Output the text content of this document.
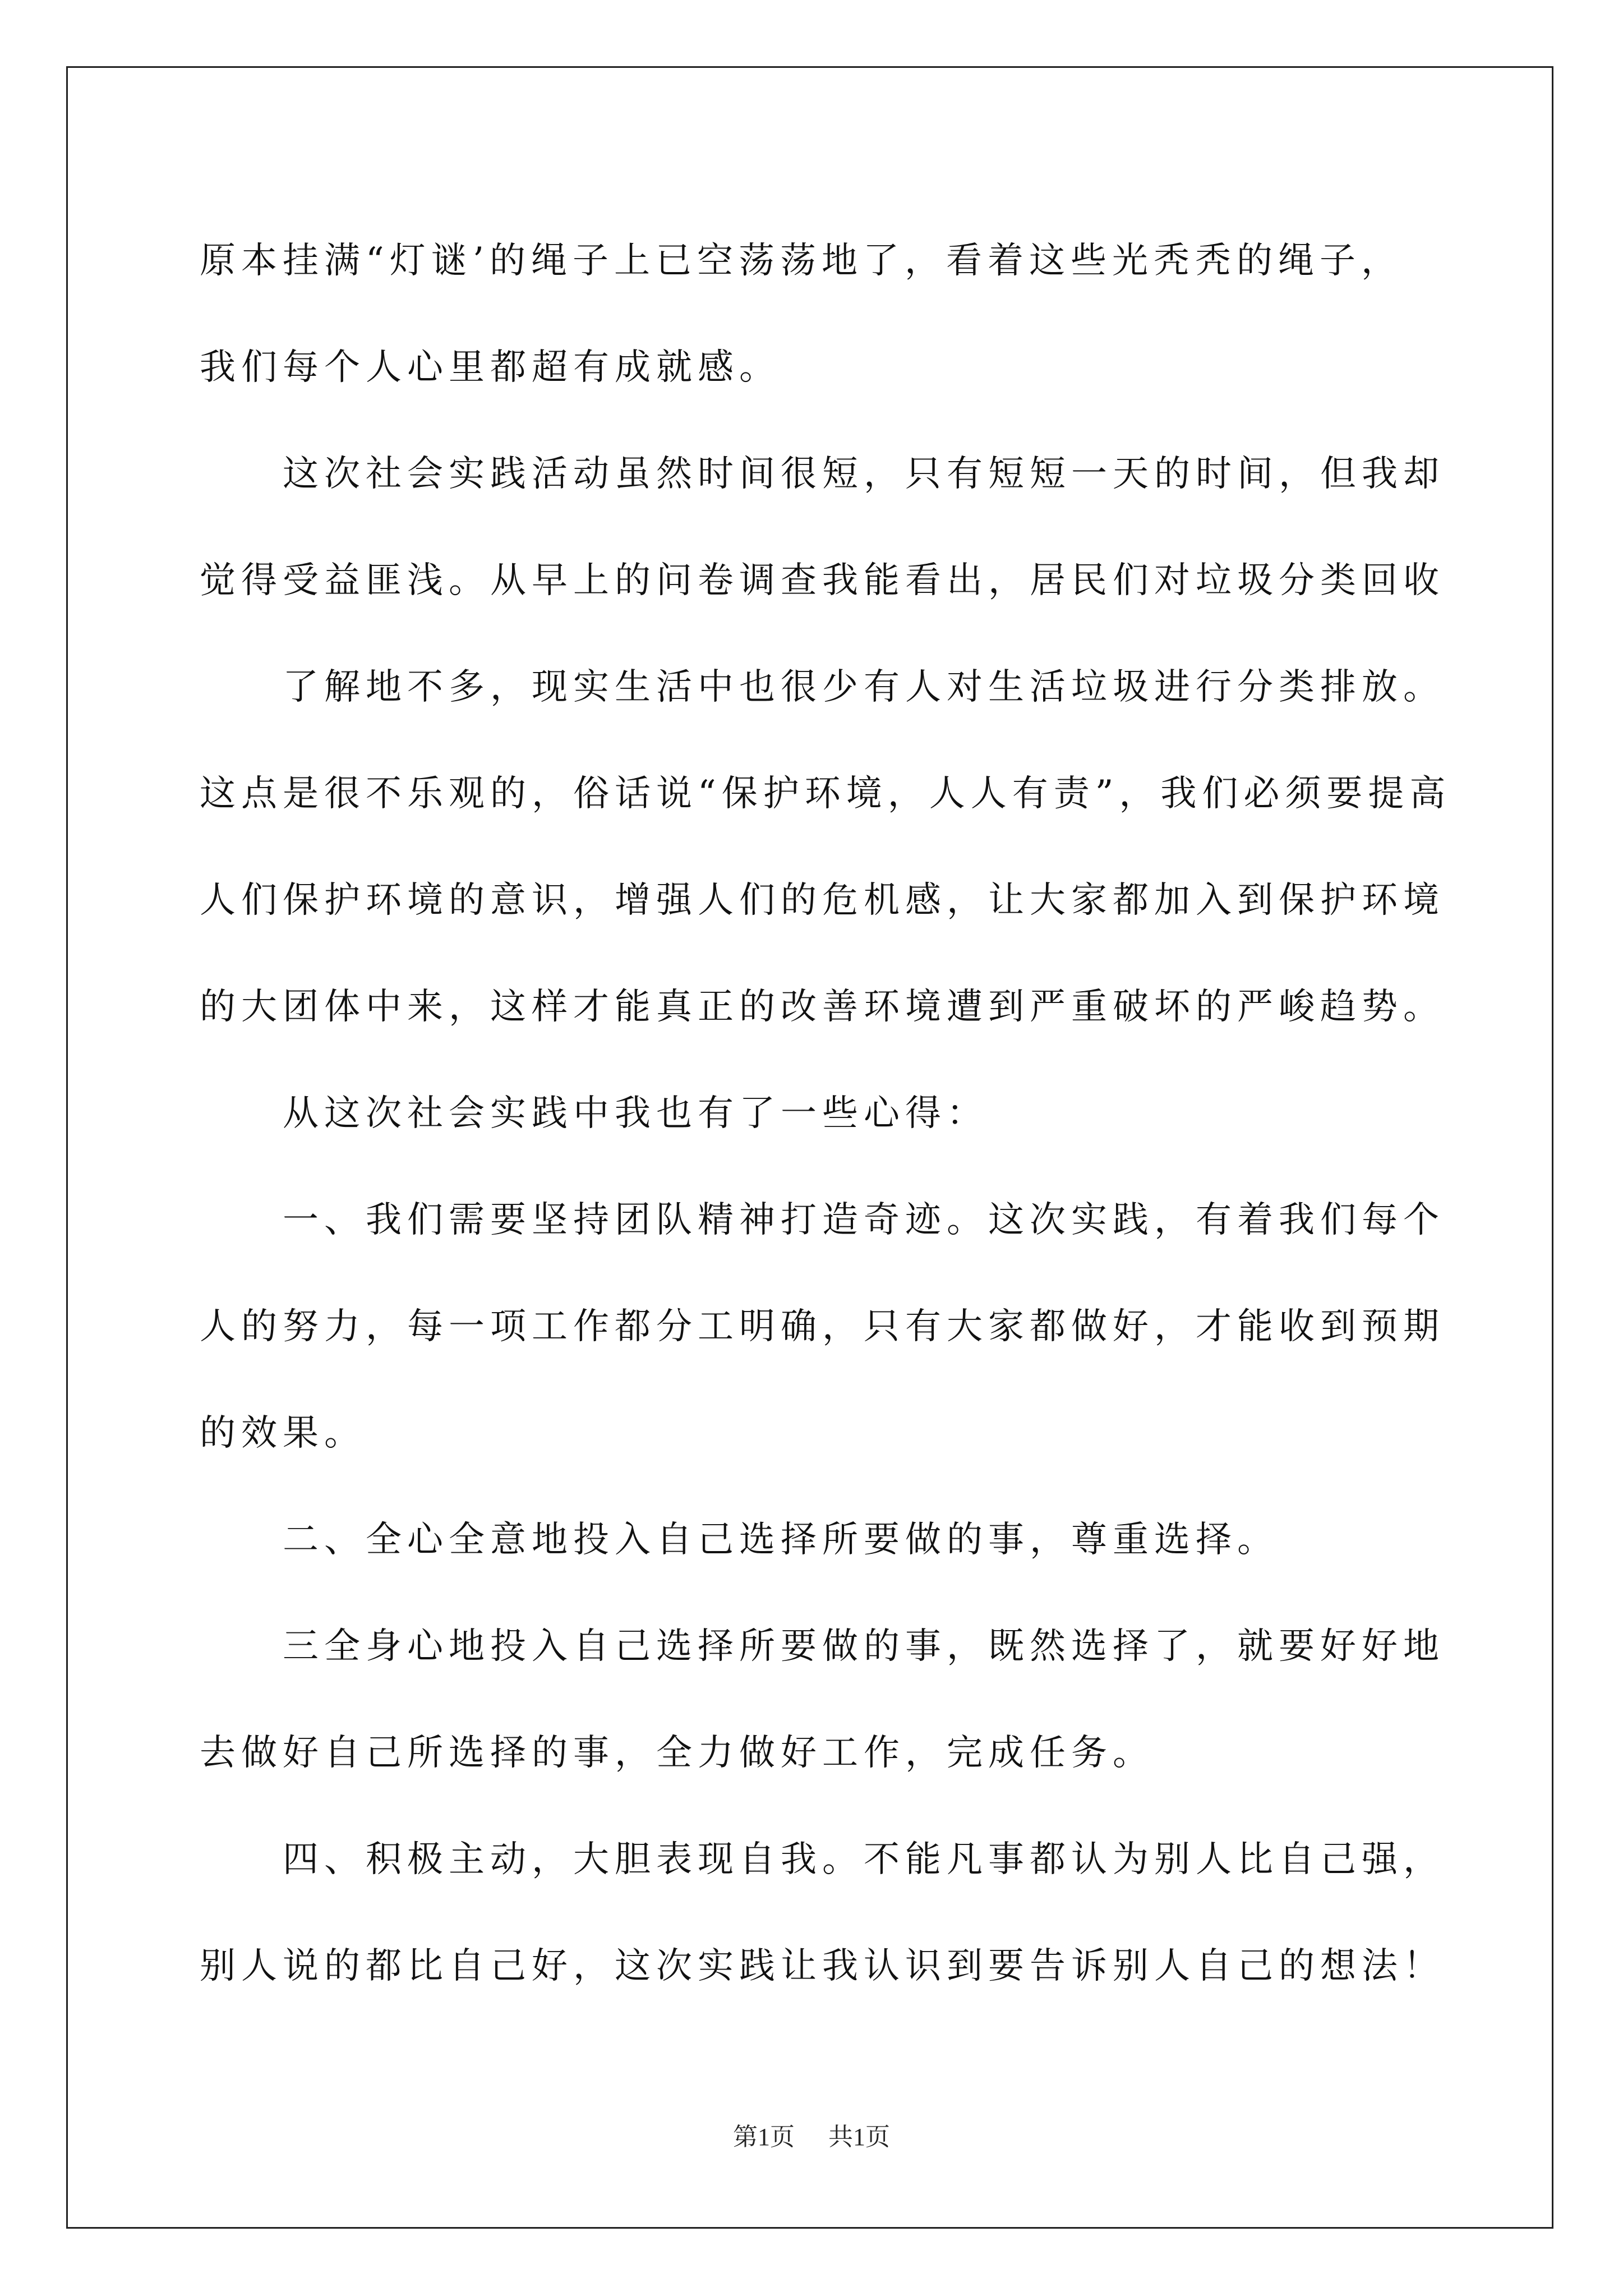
原本挂满“灯谜’的绳子上已空荡荡地了，看着这些光秃秃的绳子，
我们每个人心里都超有成就感。
这次社会实践活动虽然时间很短，只有短短一天的时间，但我却
觉得受益匪浅。从早上的问卷调查我能看出，居民们对垃圾分类回收
了解地不多，现实生活中也很少有人对生活垃圾进行分类排放。
这点是很不乐观的，俗话说“保护环境，人人有责”，我们必须要提高
人们保护环境的意识，增强人们的危机感，让大家都加入到保护环境
的大团体中来，这样才能真正的改善环境遭到严重破坏的严峻趋势。
从这次社会实践中我也有了一些心得：
一、我们需要坚持团队精神打造奇迹。这次实践，有着我们每个
人的努力，每一项工作都分工明确，只有大家都做好，才能收到预期
的效果。
二、全心全意地投入自己选择所要做的事，尊重选择。
三全身心地投入自己选择所要做的事，既然选择了，就要好好地
去做好自己所选择的事，全力做好工作，完成任务。
四、积极主动，大胆表现自我。不能凡事都认为别人比自己强，
别人说的都比自己好，这次实践让我认识到要告诉别人自己的想法！
第1页 共1页
